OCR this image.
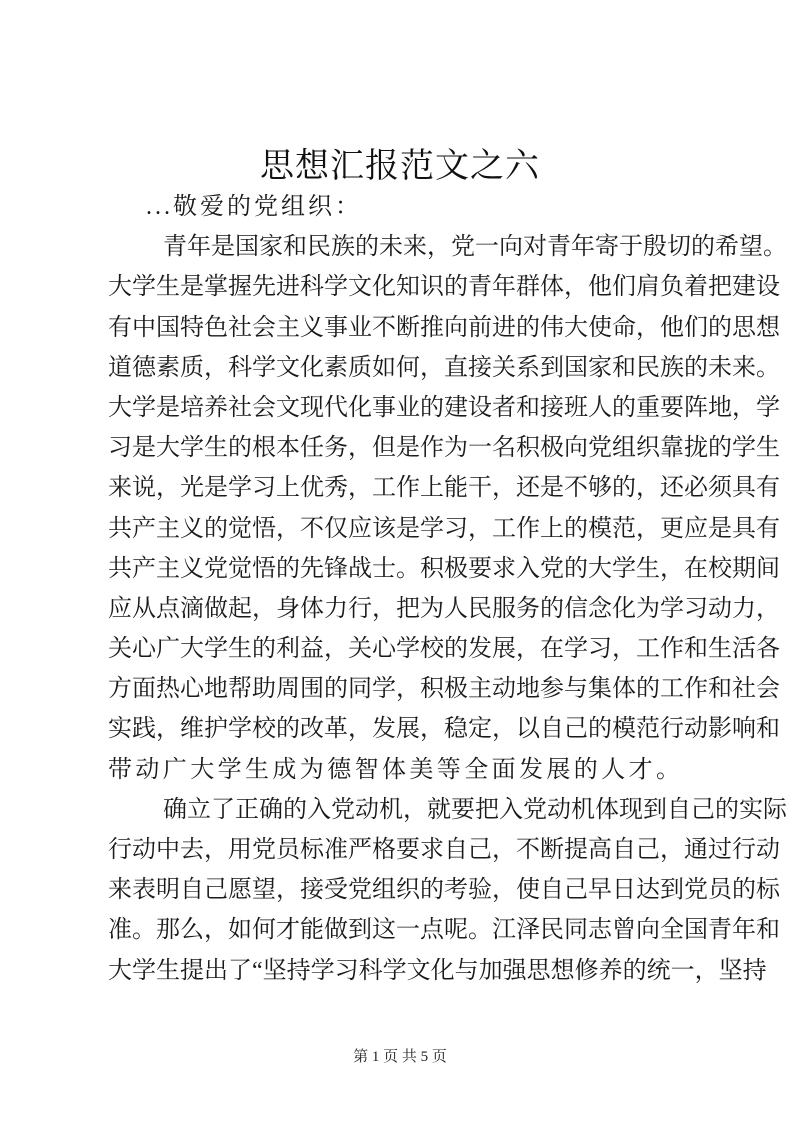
思想汇报范文之六
...敬爱的党组织：
青年是国家和民族的未来，党一向对青年寄于殷切的希望。
大学生是掌握先进科学文化知识的青年群体，他们肩负着把建设
有中国特色社会主义事业不断推向前进的伟大使命，他们的思想
道德素质，科学文化素质如何，直接关系到国家和民族的未来。
大学是培养社会文现代化事业的建设者和接班人的重要阵地，学
习是大学生的根本任务，但是作为一名积极向党组织靠拢的学生
来说，光是学习上优秀，工作上能干，还是不够的，还必须具有
共产主义的觉悟，不仅应该是学习，工作上的模范，更应是具有
共产主义党觉悟的先锋战士。积极要求入党的大学生，在校期间
应从点滴做起，身体力行，把为人民服务的信念化为学习动力，
关心广大学生的利益，关心学校的发展，在学习，工作和生活各
方面热心地帮助周围的同学，积极主动地参与集体的工作和社会
实践，维护学校的改革，发展，稳定，以自己的模范行动影响和
带动广大学生成为德智体美等全面发展的人才。
确立了正确的入党动机，就要把入党动机体现到自己的实际
行动中去，用党员标准严格要求自己，不断提高自己，通过行动
来表明自己愿望，接受党组织的考验，使自己早日达到党员的标
准。那么，如何才能做到这一点呢。江泽民同志曾向全国青年和
大学生提出了“坚持学习科学文化与加强思想修养的统一，坚持
第 1 页 共 5 页
